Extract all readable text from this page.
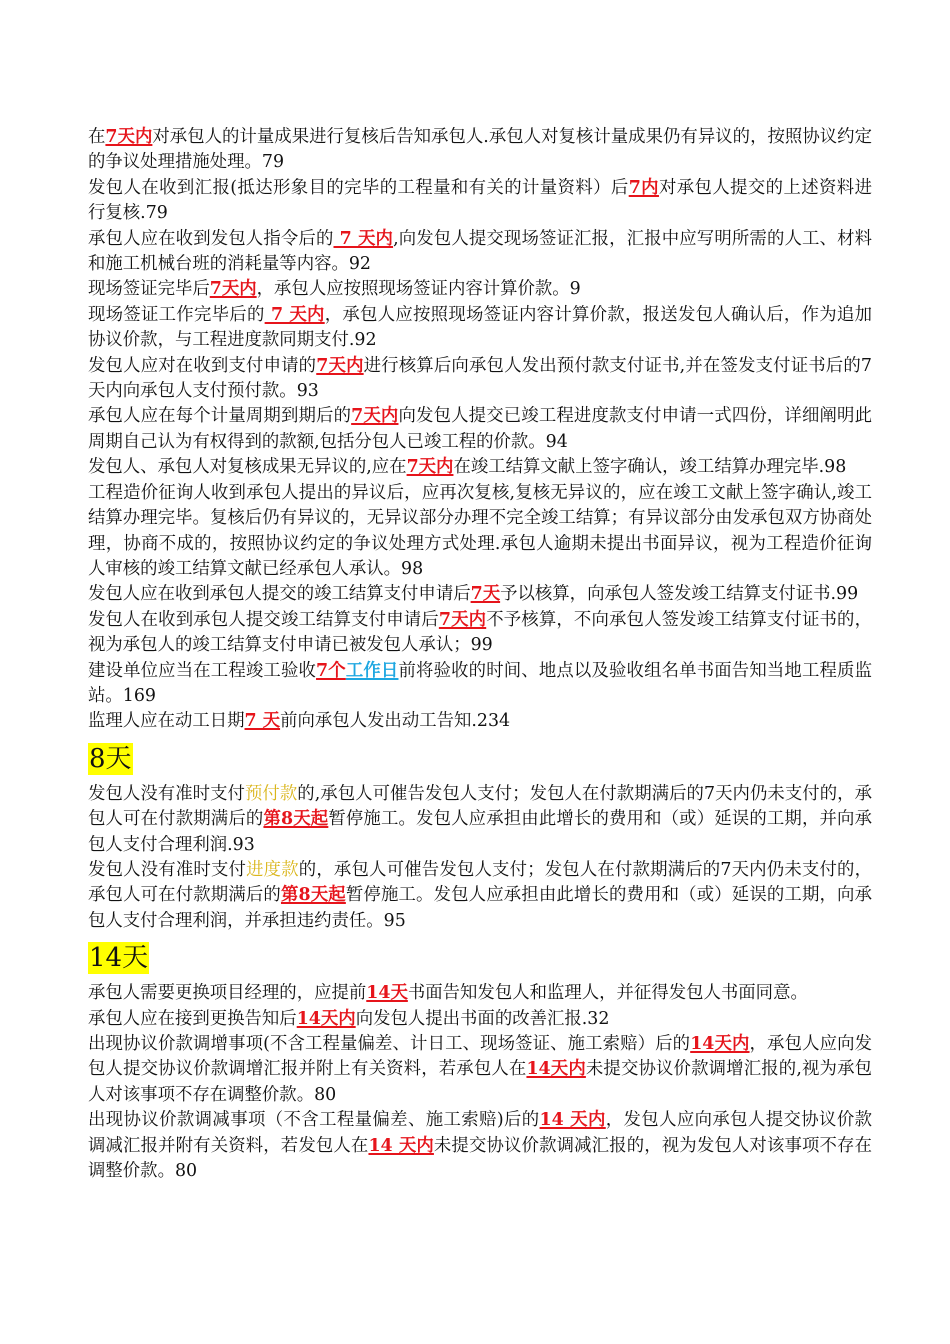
在7天内对承包人的计量成果进行复核后告知承包人.承包人对复核计量成果仍有异议的，按照协议约定的争议处理措施处理。79

发包人在收到汇报(抵达形象目的完毕的工程量和有关的计量资料）后7内对承包人提交的上述资料进行复核.79

承包人应在收到发包人指令后的 7 天内,向发包人提交现场签证汇报，汇报中应写明所需的人工、材料和施工机械台班的消耗量等内容。92

现场签证完毕后7天内，承包人应按照现场签证内容计算价款。9

现场签证工作完毕后的 7 天内，承包人应按照现场签证内容计算价款，报送发包人确认后，作为追加协议价款，与工程进度款同期支付.92

发包人应对在收到支付申请的7天内进行核算后向承包人发出预付款支付证书,并在签发支付证书后的7天内向承包人支付预付款。93

承包人应在每个计量周期到期后的7天内向发包人提交已竣工程进度款支付申请一式四份，详细阐明此周期自己认为有权得到的款额,包括分包人已竣工程的价款。94

发包人、承包人对复核成果无异议的,应在7天内在竣工结算文献上签字确认，竣工结算办理完毕.98

工程造价征询人收到承包人提出的异议后，应再次复核,复核无异议的，应在竣工文献上签字确认,竣工结算办理完毕。复核后仍有异议的，无异议部分办理不完全竣工结算；有异议部分由发承包双方协商处理，协商不成的，按照协议约定的争议处理方式处理.承包人逾期未提出书面异议，视为工程造价征询人审核的竣工结算文献已经承包人承认。98

发包人应在收到承包人提交的竣工结算支付申请后7天予以核算，向承包人签发竣工结算支付证书.99

发包人在收到承包人提交竣工结算支付申请后7天内不予核算，不向承包人签发竣工结算支付证书的，视为承包人的竣工结算支付申请已被发包人承认；99

建设单位应当在工程竣工验收7个工作日前将验收的时间、地点以及验收组名单书面告知当地工程质监站。169

监理人应在动工日期7 天前向承包人发出动工告知.234

8天

发包人没有准时支付预付款的,承包人可催告发包人支付；发包人在付款期满后的7天内仍未支付的，承包人可在付款期满后的第8天起暂停施工。发包人应承担由此增长的费用和（或）延误的工期，并向承包人支付合理利润.93

发包人没有准时支付进度款的，承包人可催告发包人支付；发包人在付款期满后的7天内仍未支付的，承包人可在付款期满后的第8天起暂停施工。发包人应承担由此增长的费用和（或）延误的工期，向承包人支付合理利润，并承担违约责任。95

14天

承包人需要更换项目经理的，应提前14天书面告知发包人和监理人，并征得发包人书面同意。

承包人应在接到更换告知后14天内向发包人提出书面的改善汇报.32

出现协议价款调增事项(不含工程量偏差、计日工、现场签证、施工索赔）后的14天内，承包人应向发包人提交协议价款调增汇报并附上有关资料，若承包人在14天内未提交协议价款调增汇报的,视为承包人对该事项不存在调整价款。80

出现协议价款调减事项（不含工程量偏差、施工索赔)后的14 天内，发包人应向承包人提交协议价款调减汇报并附有关资料，若发包人在14 天内未提交协议价款调减汇报的，视为发包人对该事项不存在调整价款。80
